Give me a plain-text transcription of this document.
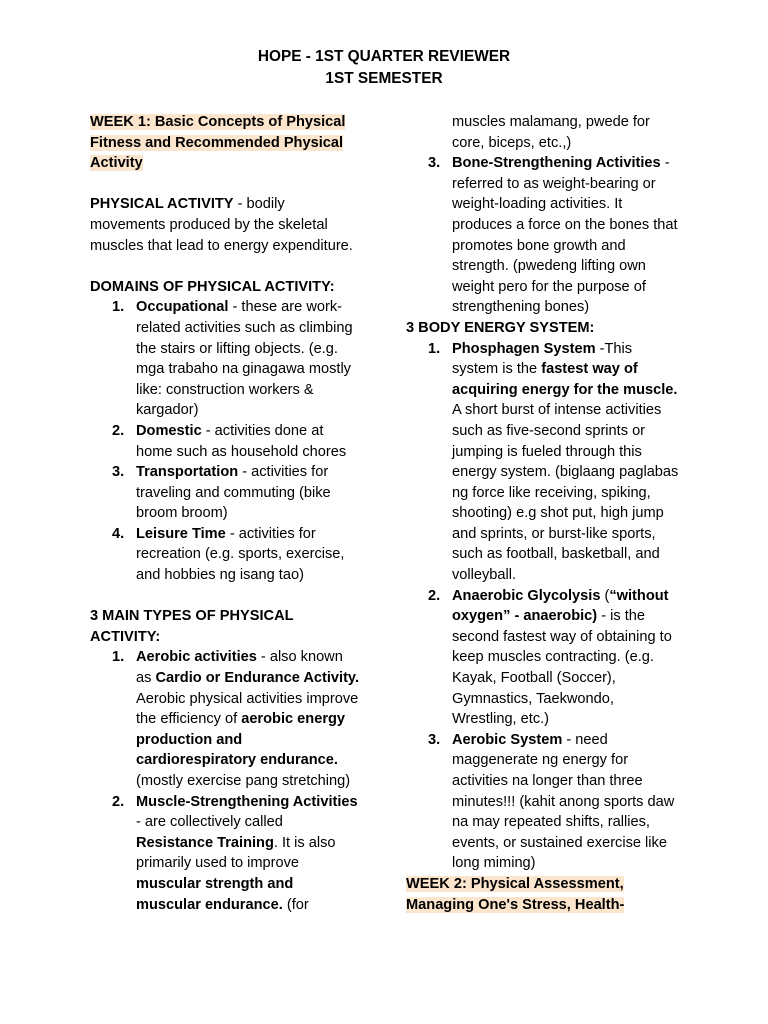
HOPE - 1ST QUARTER REVIEWER
1ST SEMESTER

WEEK 1: Basic Concepts of Physical Fitness and Recommended Physical Activity

PHYSICAL ACTIVITY - bodily movements produced by the skeletal muscles that lead to energy expenditure.

DOMAINS OF PHYSICAL ACTIVITY:

1. Occupational - these are work-related activities such as climbing the stairs or lifting objects. (e.g. mga trabaho na ginagawa mostly like: construction workers & kargador)
2. Domestic - activities done at home such as household chores
3. Transportation - activities for traveling and commuting (bike broom broom)
4. Leisure Time - activities for recreation (e.g. sports, exercise, and hobbies ng isang tao)

3 MAIN TYPES OF PHYSICAL ACTIVITY:

1. Aerobic activities - also known as Cardio or Endurance Activity. Aerobic physical activities improve the efficiency of aerobic energy production and cardiorespiratory endurance. (mostly exercise pang stretching)
2. Muscle-Strengthening Activities - are collectively called Resistance Training. It is also primarily used to improve muscular strength and muscular endurance. (for

muscles malamang, pwede for core, biceps, etc.,)

3. Bone-Strengthening Activities - referred to as weight-bearing or weight-loading activities. It produces a force on the bones that promotes bone growth and strength. (pwedeng lifting own weight pero for the purpose of strengthening bones)

3 BODY ENERGY SYSTEM:

1. Phosphagen System -This system is the fastest way of acquiring energy for the muscle. A short burst of intense activities such as five-second sprints or jumping is fueled through this energy system. (biglaang paglabas ng force like receiving, spiking, shooting) e.g shot put, high jump and sprints, or burst-like sports, such as football, basketball, and volleyball.
2. Anaerobic Glycolysis (“without oxygen” - anaerobic) - is the second fastest way of obtaining to keep muscles contracting. (e.g. Kayak, Football (Soccer), Gymnastics, Taekwondo, Wrestling, etc.)
3. Aerobic System - need maggenerate ng energy for activities na longer than three minutes!!! (kahit anong sports daw na may repeated shifts, rallies, events, or sustained exercise like long miming)

WEEK 2: Physical Assessment, Managing One's Stress, Health-
